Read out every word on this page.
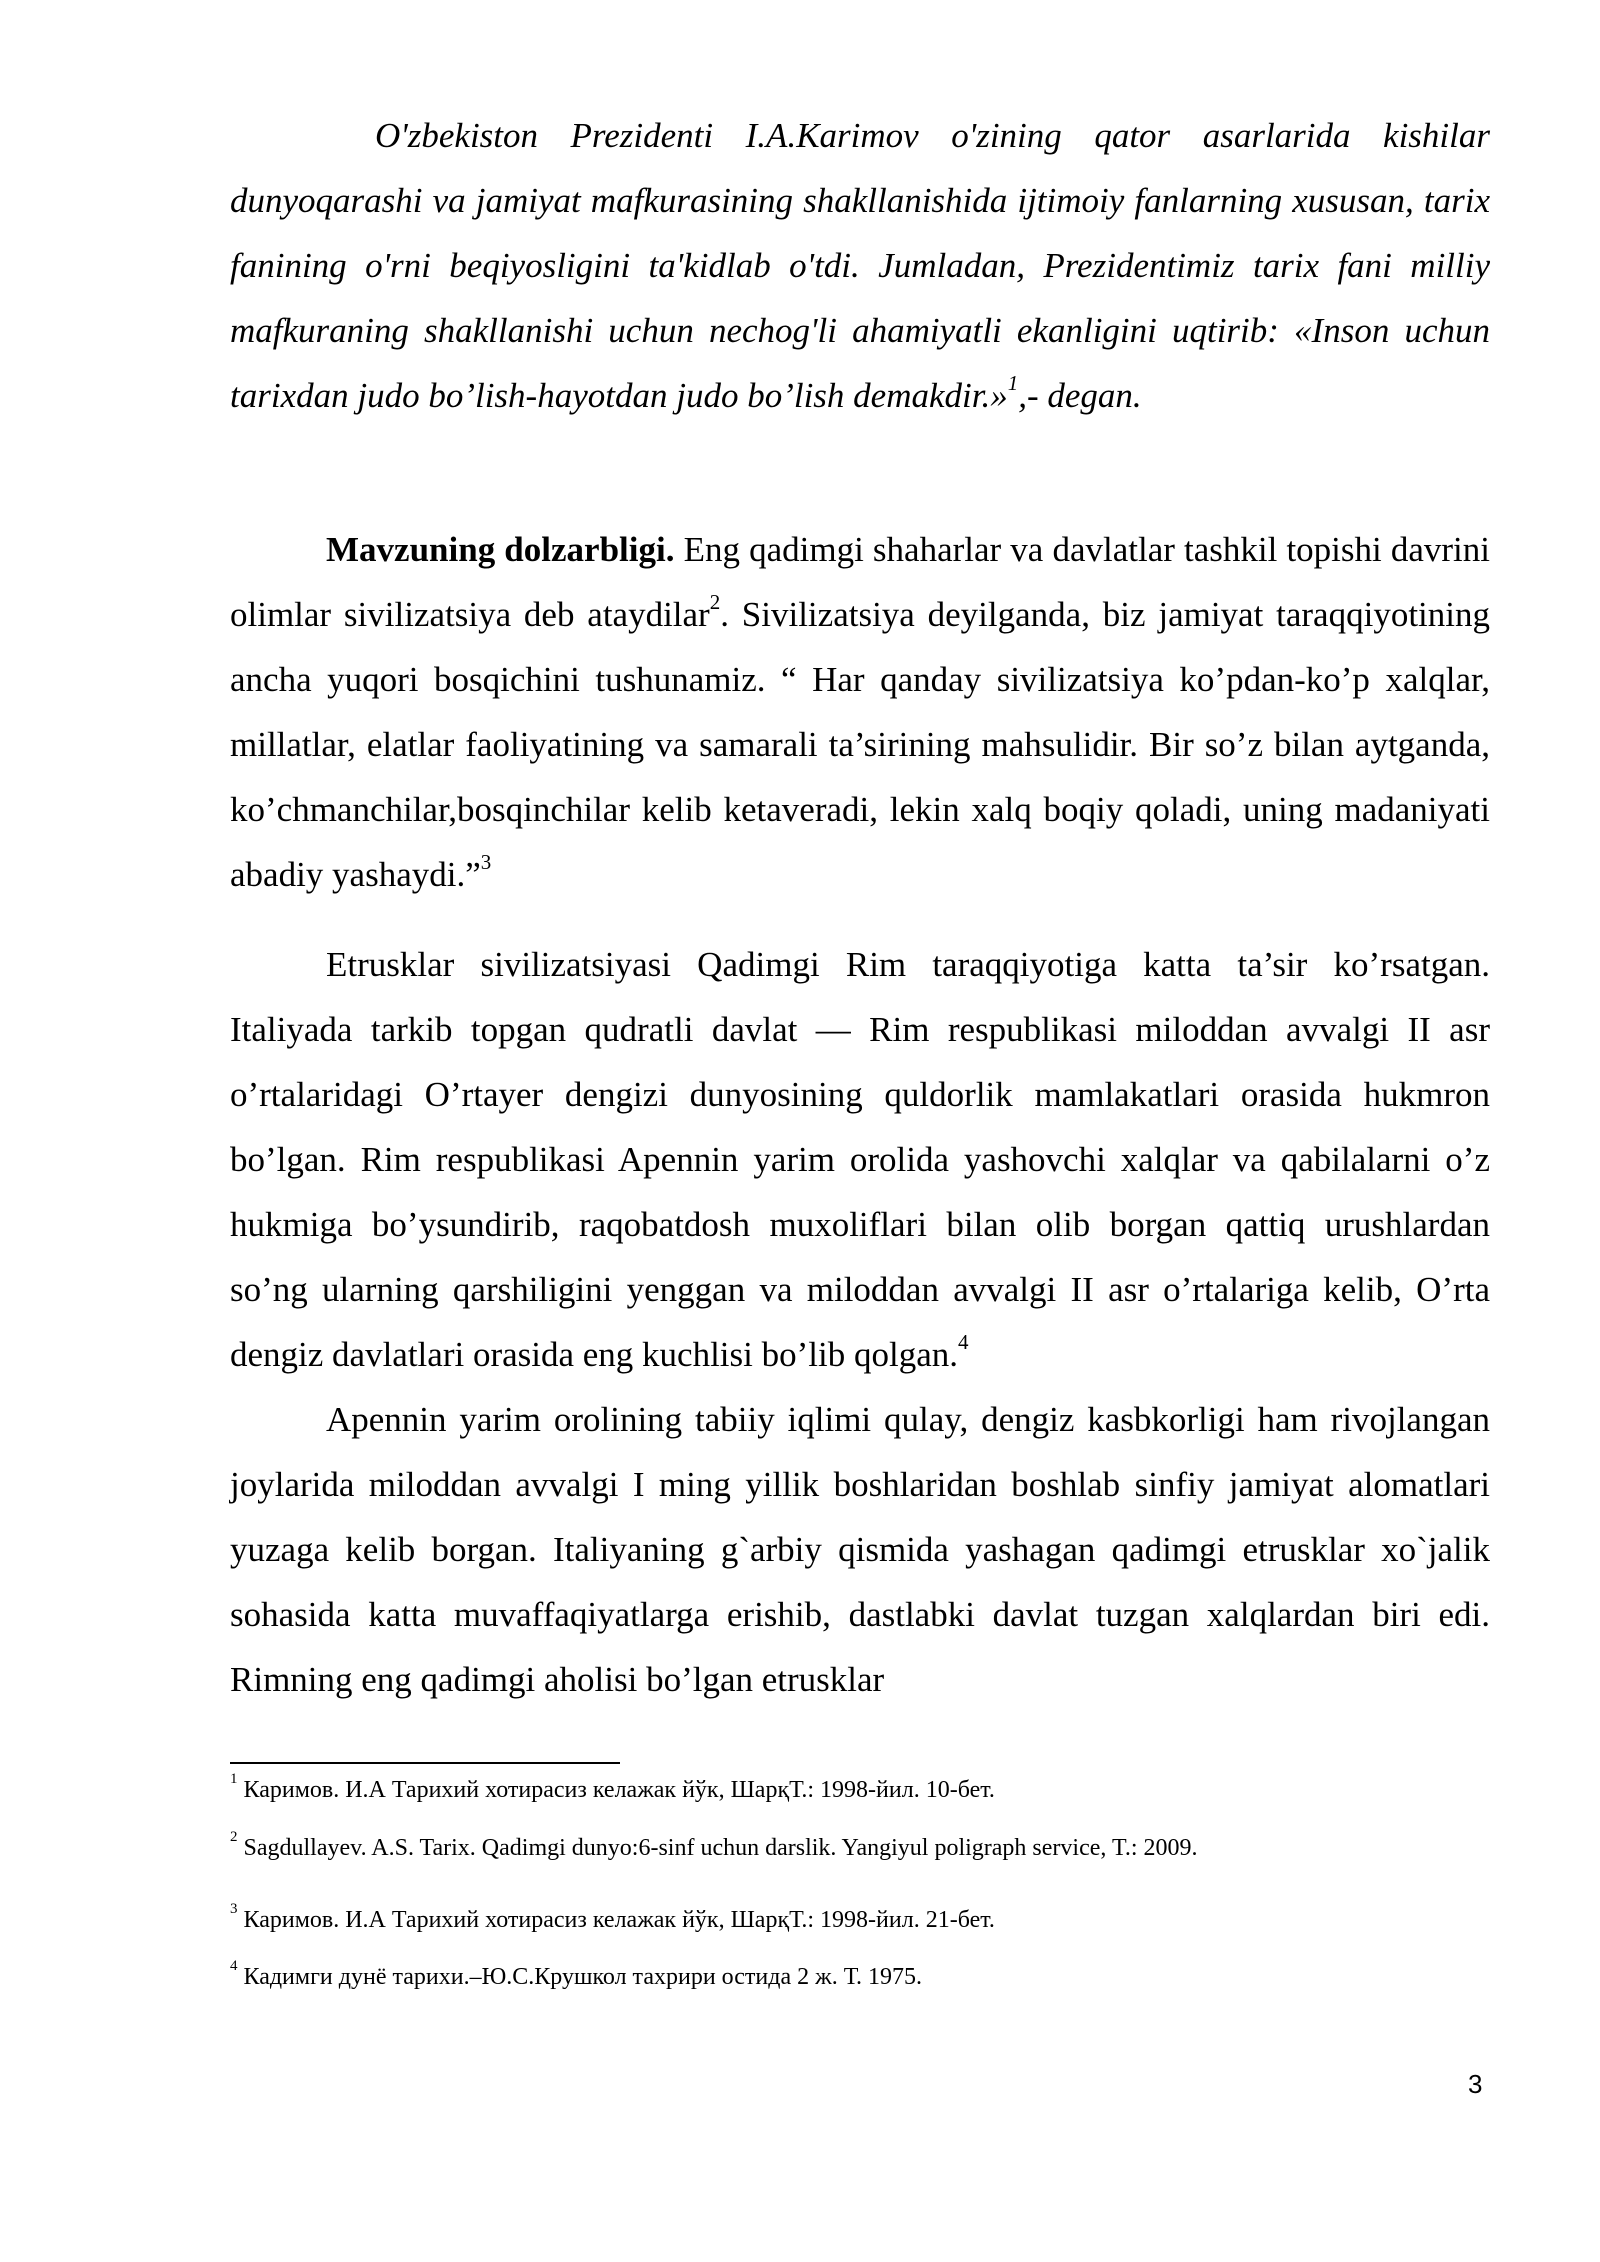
O'zbekiston Prezidenti I.A.Karimov o'zining qator asarlarida kishilar dunyoqarashi va jamiyat mafkurasining shakllanishida ijtimoiy fanlarning xususan, tarix fanining o'rni beqiyosligini ta'kidlab o'tdi. Jumladan, Prezidentimiz tarix fani milliy mafkuraning shakllanishi uchun nechog'li ahamiyatli ekanligini uqtirib: «Inson uchun tarixdan judo bo’lish-hayotdan judo bo’lish demakdir.»$^1$,- degan.

Mavzuning dolzarbligi. Eng qadimgi shaharlar va davlatlar tashkil topishi davrini olimlar sivilizatsiya deb ataydilar$^2$. Sivilizatsiya deyilganda, biz jamiyat taraqqiyotining ancha yuqori bosqichini tushunamiz. “ Har qanday sivilizatsiya ko’pdan-ko’p xalqlar, millatlar, elatlar faoliyatining va samarali ta’sirining mahsulidir. Bir so’z bilan aytganda, ko’chmanchilar,bosqinchilar kelib ketaveradi, lekin xalq boqiy qoladi, uning madaniyati abadiy yashaydi.”$^3$

Etrusklar sivilizatsiyasi Qadimgi Rim taraqqiyotiga katta ta’sir ko’rsatgan. Italiyada tarkib topgan qudratli davlat — Rim respublikasi miloddan avvalgi II asr o’rtalaridagi O’rtayer dengizi dunyosining quldorlik mamlakatlari orasida hukmron bo’lgan. Rim respublikasi Apennin yarim orolida yashovchi xalqlar va qabilalarni o’z hukmiga bo’ysundirib, raqobatdosh muxoliflari bilan olib borgan qattiq urushlardan so’ng ularning qarshiligini yenggan va miloddan avvalgi II asr o’rtalariga kelib, O’rta dengiz davlatlari orasida eng kuchlisi bo’lib qolgan.$^4$

Apennin yarim orolining tabiiy iqlimi qulay, dengiz kasbkorligi ham rivojlangan joylarida miloddan avvalgi I ming yillik boshlaridan boshlab sinfiy jamiyat alomatlari yuzaga kelib borgan. Italiyaning g`arbiy qismida yashagan qadimgi etrusklar xo`jalik sohasida katta muvaffaqiyatlarga erishib, dastlabki davlat tuzgan xalqlardan biri edi. Rimning eng qadimgi aholisi bo’lgan etrusklar

$^1$ Каримов. И.А Тарихий хотирасиз келажак йўк, ШарқТ.: 1998-йил. 10-бет.
$^2$ Sagdullayev. A.S. Tarix. Qadimgi dunyo:6-sinf uchun darslik. Yangiyul poligraph service, T.: 2009.
$^3$ Каримов. И.А Тарихий хотирасиз келажак йўк, ШарқТ.: 1998-йил. 21-бет.
$^4$ Кадимги дунё тарихи.–Ю.С.Крушкол тахрири остида 2 ж. Т. 1975.
3
